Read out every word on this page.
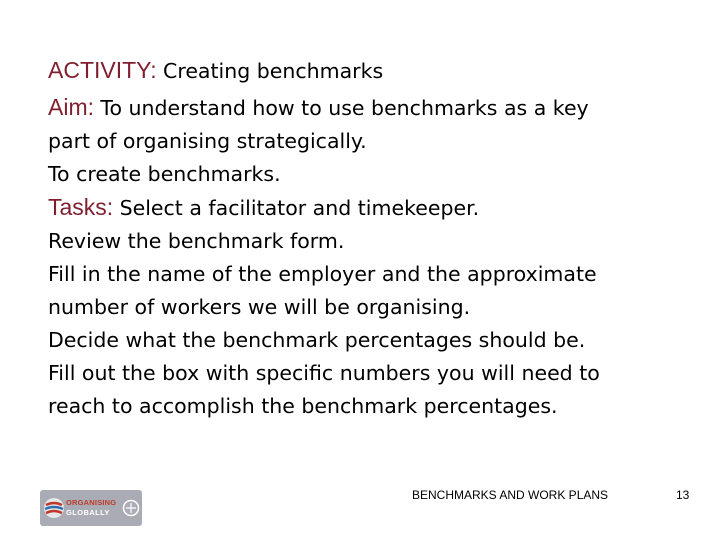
ACTIVITY: Creating benchmarks
Aim: To understand how to use benchmarks as a key
part of organising strategically.
To create benchmarks.
Tasks: Select a facilitator and timekeeper.
Review the benchmark form.
Fill in the name of the employer and the approximate
number of workers we will be organising.
Decide what the benchmark percentages should be.
Fill out the box with specific numbers you will need to
reach to accomplish the benchmark percentages.
ORGANISING
GLOBALLY
BENCHMARKS AND WORK PLANS	13
